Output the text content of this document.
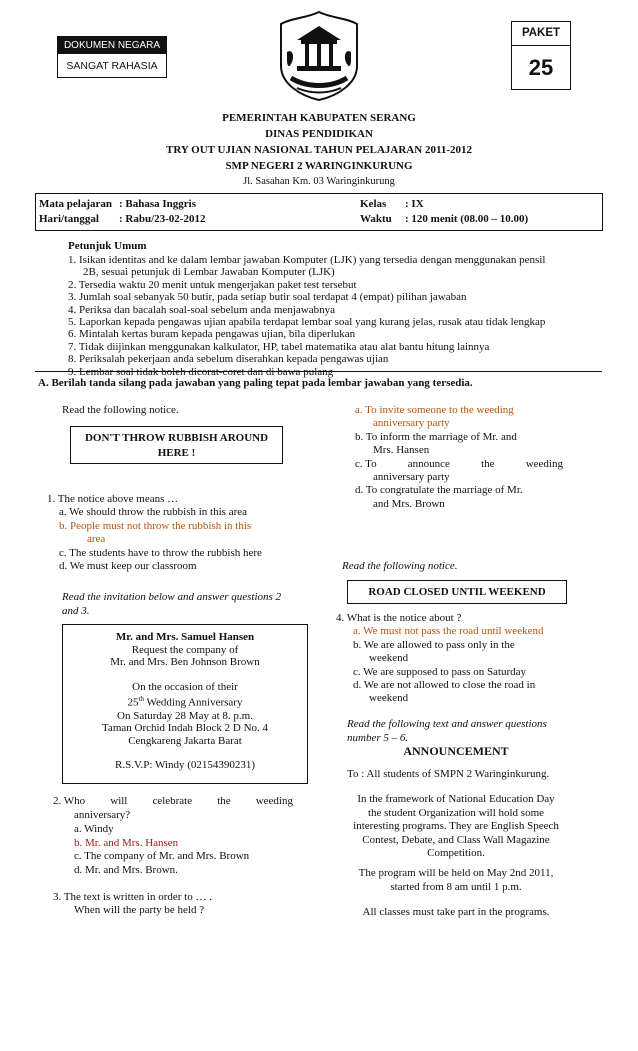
DOKUMEN NEGARA
SANGAT RAHASIA
PAKET
25
PEMERINTAH KABUPATEN SERANG
DINAS PENDIDIKAN
TRY OUT UJIAN NASIONAL TAHUN PELAJARAN 2011-2012
SMP NEGERI 2 WARINGINKURUNG
Jl. Sasahan Km. 03 Waringinkurung
Mata pelajaran : Bahasa Inggris
Hari/tanggal : Rabu/23-02-2012
Kelas : IX
Waktu : 120 menit (08.00 – 10.00)
Petunjuk Umum
1. Isikan identitas and ke dalam lembar jawaban Komputer (LJK) yang tersedia dengan menggunakan pensil
2B, sesuai petunjuk di Lembar Jawaban Komputer (LJK)
2. Tersedia waktu 20 menit untuk mengerjakan paket test tersebut
3. Jumlah soal sebanyak 50 butir, pada setiap butir soal terdapat 4 (empat) pilihan jawaban
4. Periksa dan bacalah soal-soal sebelum anda menjawabnya
5. Laporkan kepada pengawas ujian apabila terdapat lembar soal yang kurang jelas, rusak atau tidak lengkap
6. Mintalah kertas buram kepada pengawas ujian, bila diperlukan
7. Tidak diijinkan menggunakan kalkulator, HP, tabel matematika atau alat bantu hitung lainnya
8. Periksalah pekerjaan anda sebelum diserahkan kepada pengawas ujian
A. Berilah tanda silang pada jawaban yang paling tepat pada lembar jawaban yang tersedia.
Read the following notice.
DON'T THROW RUBBISH AROUND
HERE !
1. The notice above means …
a. We should throw the rubbish in this area
b. People must not throw the rubbish in this
area
c. The students have to throw the rubbish here
d. We must keep our classroom
Read the invitation below and answer questions 2
and 3.
Mr. and Mrs. Samuel Hansen
Request the company of
Mr. and Mrs. Ben Johnson Brown
On the occasion of their
25th Wedding Anniversary
On Saturday 28 May at 8. p.m.
Taman Orchid Indah Block 2 D No. 4
Cengkareng Jakarta Barat
R.S.V.P: Windy (02154390231)
2. Who will celebrate the weeding
anniversary?
a. Windy
b. Mr. and Mrs. Hansen
c. The company of Mr. and Mrs. Brown
d. Mr. and Mrs. Brown.
3. The text is written in order to … .
When will the party be held ?
a. To invite someone to the weeding
anniversary party
b. To inform the marriage of Mr. and
Mrs. Hansen
c. To	announce	the	weeding
anniversary party
d. To congratulate the marriage of Mr.
and Mrs. Brown
Read the following notice.
ROAD CLOSED UNTIL WEEKEND
4. What is the notice about ?
a. We must not pass the road until weekend
b. We are allowed to pass only in the
weekend
c. We are supposed to pass on Saturday
d. We are not allowed to close the road in
weekend
Read the following text and answer questions
number 5 – 6.
ANNOUNCEMENT
To : All students of SMPN 2 Waringinkurung.
In the framework of National Education Day
the student Organization will hold some
interesting programs. They are English Speech
Contest, Debate, and Class Wall Magazine
Competition.
The program will be held on May 2nd 2011,
started from 8 am until 1 p.m.
All classes must take part in the programs.
